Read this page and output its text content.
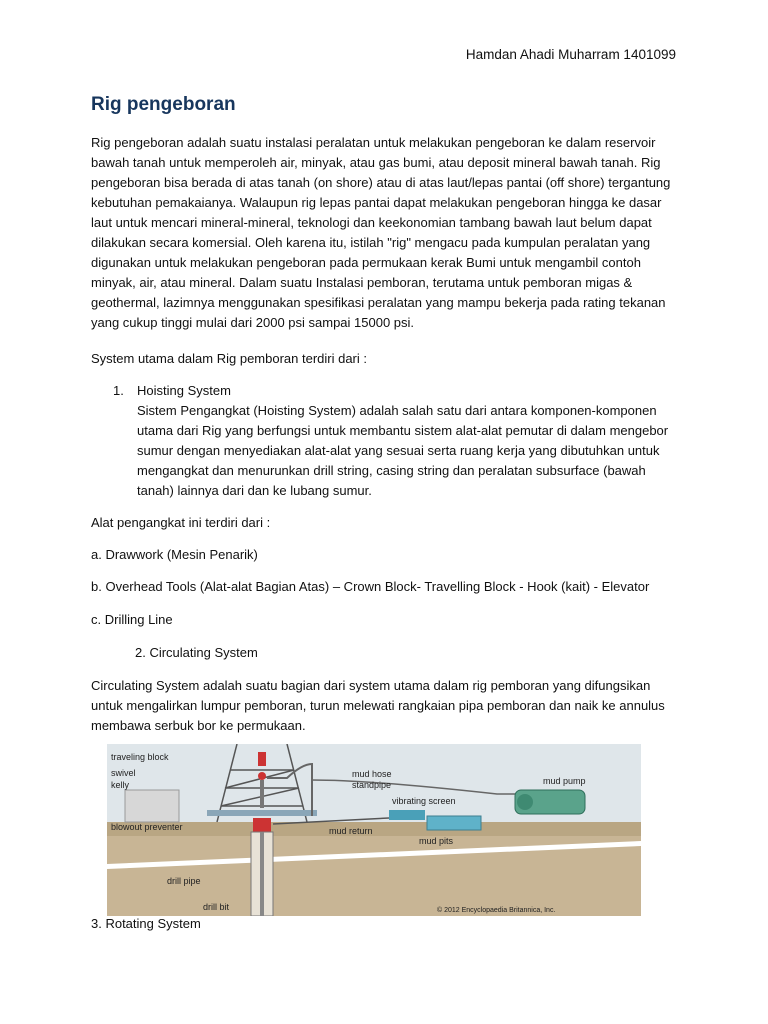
Hamdan Ahadi Muharram 1401099
Rig pengeboran
Rig pengeboran adalah suatu instalasi peralatan untuk melakukan pengeboran ke dalam reservoir bawah tanah untuk memperoleh air, minyak, atau gas bumi, atau deposit mineral bawah tanah. Rig pengeboran bisa berada di atas tanah (on shore) atau di atas laut/lepas pantai (off shore) tergantung kebutuhan pemakaianya. Walaupun rig lepas pantai dapat melakukan pengeboran hingga ke dasar laut untuk mencari mineral-mineral, teknologi dan keekonomian tambang bawah laut belum dapat dilakukan secara komersial. Oleh karena itu, istilah "rig" mengacu pada kumpulan peralatan yang digunakan untuk melakukan pengeboran pada permukaan kerak Bumi untuk mengambil contoh minyak, air, atau mineral. Dalam suatu Instalasi pemboran, terutama untuk pemboran migas & geothermal, lazimnya menggunakan spesifikasi peralatan yang mampu bekerja pada rating tekanan yang cukup tinggi mulai dari 2000 psi sampai 15000 psi.
System utama dalam Rig pemboran terdiri dari :
1. Hoisting System
Sistem Pengangkat (Hoisting System) adalah salah satu dari antara komponen-komponen utama dari Rig yang berfungsi untuk membantu sistem alat-alat pemutar di dalam mengebor sumur dengan menyediakan alat-alat yang sesuai serta ruang kerja yang dibutuhkan untuk mengangkat dan menurunkan drill string, casing string dan peralatan subsurface (bawah tanah) lainnya dari dan ke lubang sumur.
Alat pengangkat ini terdiri dari :
a. Drawwork (Mesin Penarik)
b. Overhead Tools (Alat-alat Bagian Atas) – Crown Block- Travelling Block - Hook (kait) - Elevator
c. Drilling Line
2. Circulating System
Circulating System adalah suatu bagian dari system utama dalam rig pemboran yang difungsikan untuk mengalirkan lumpur pemboran, turun melewati rangkaian pipa pemboran dan naik ke annulus membawa serbuk bor ke permukaan.
traveling block
swivel
kelly
blowout preventer
mud hose
standpipe
vibrating screen
mud pump
mud return
mud pits
drill pipe
drill bit	© 2012 Encyclopaedia Britannica, Inc.
3. Rotating System
